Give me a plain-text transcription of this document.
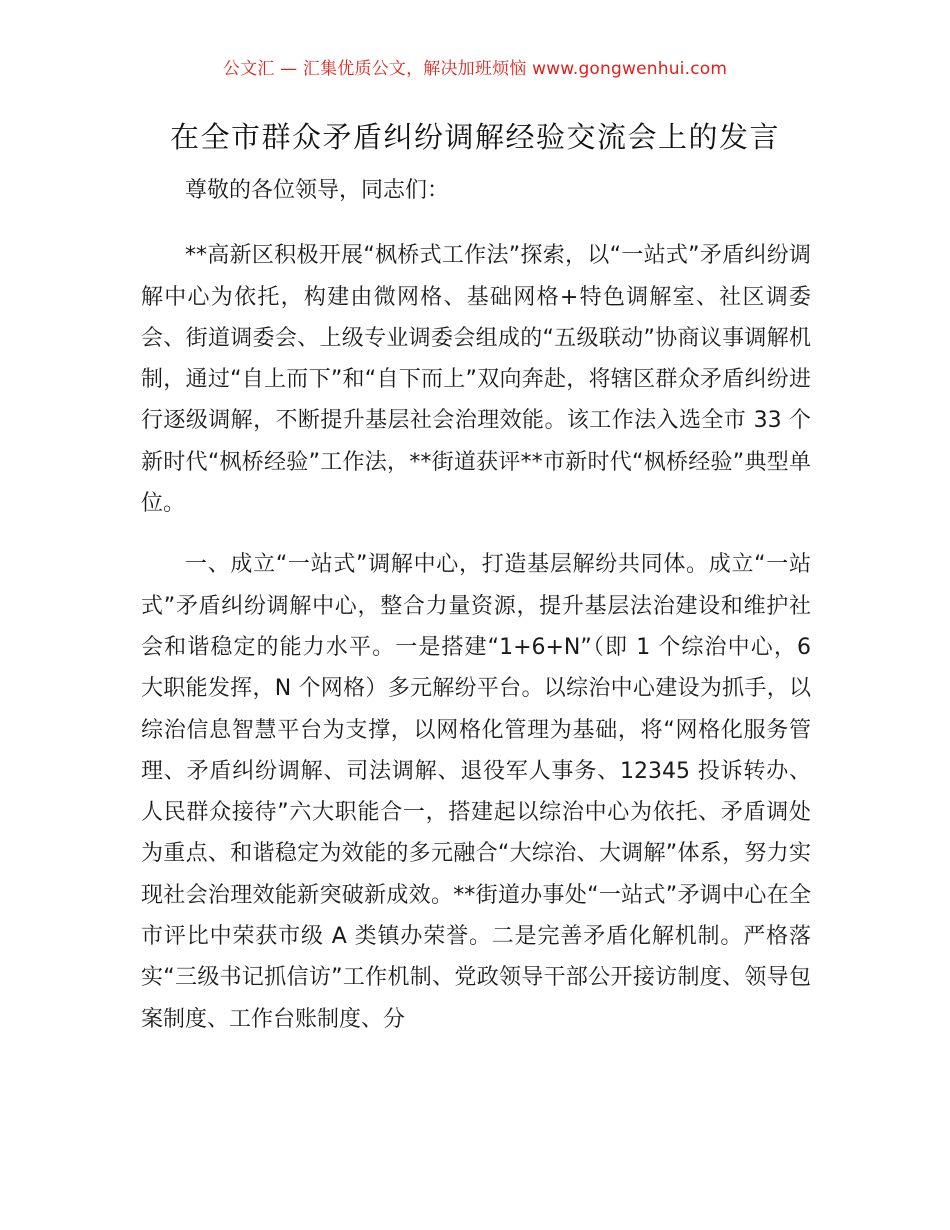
公文汇 — 汇集优质公文，解决加班烦恼 www.gongwenhui.com
在全市群众矛盾纠纷调解经验交流会上的发言

尊敬的各位领导，同志们：

**高新区积极开展“枫桥式工作法”探索，以“一站式”矛盾纠纷调解中心为依托，构建由微网格、基础网格+特色调解室、社区调委会、街道调委会、上级专业调委会组成的“五级联动”协商议事调解机制，通过“自上而下”和“自下而上”双向奔赴，将辖区群众矛盾纠纷进行逐级调解，不断提升基层社会治理效能。该工作法入选全市 33 个新时代“枫桥经验”工作法，**街道获评**市新时代“枫桥经验”典型单位。

一、成立“一站式”调解中心，打造基层解纷共同体。成立“一站式”矛盾纠纷调解中心，整合力量资源，提升基层法治建设和维护社会和谐稳定的能力水平。一是搭建“1+6+N”（即 1 个综治中心，6 大职能发挥，N 个网格）多元解纷平台。以综治中心建设为抓手，以综治信息智慧平台为支撑，以网格化管理为基础，将“网格化服务管理、矛盾纠纷调解、司法调解、退役军人事务、12345 投诉转办、人民群众接待”六大职能合一，搭建起以综治中心为依托、矛盾调处为重点、和谐稳定为效能的多元融合“大综治、大调解”体系，努力实现社会治理效能新突破新成效。**街道办事处“一站式”矛调中心在全市评比中荣获市级 A 类镇办荣誉。二是完善矛盾化解机制。严格落实“三级书记抓信访”工作机制、党政领导干部公开接访制度、领导包案制度、工作台账制度、分
